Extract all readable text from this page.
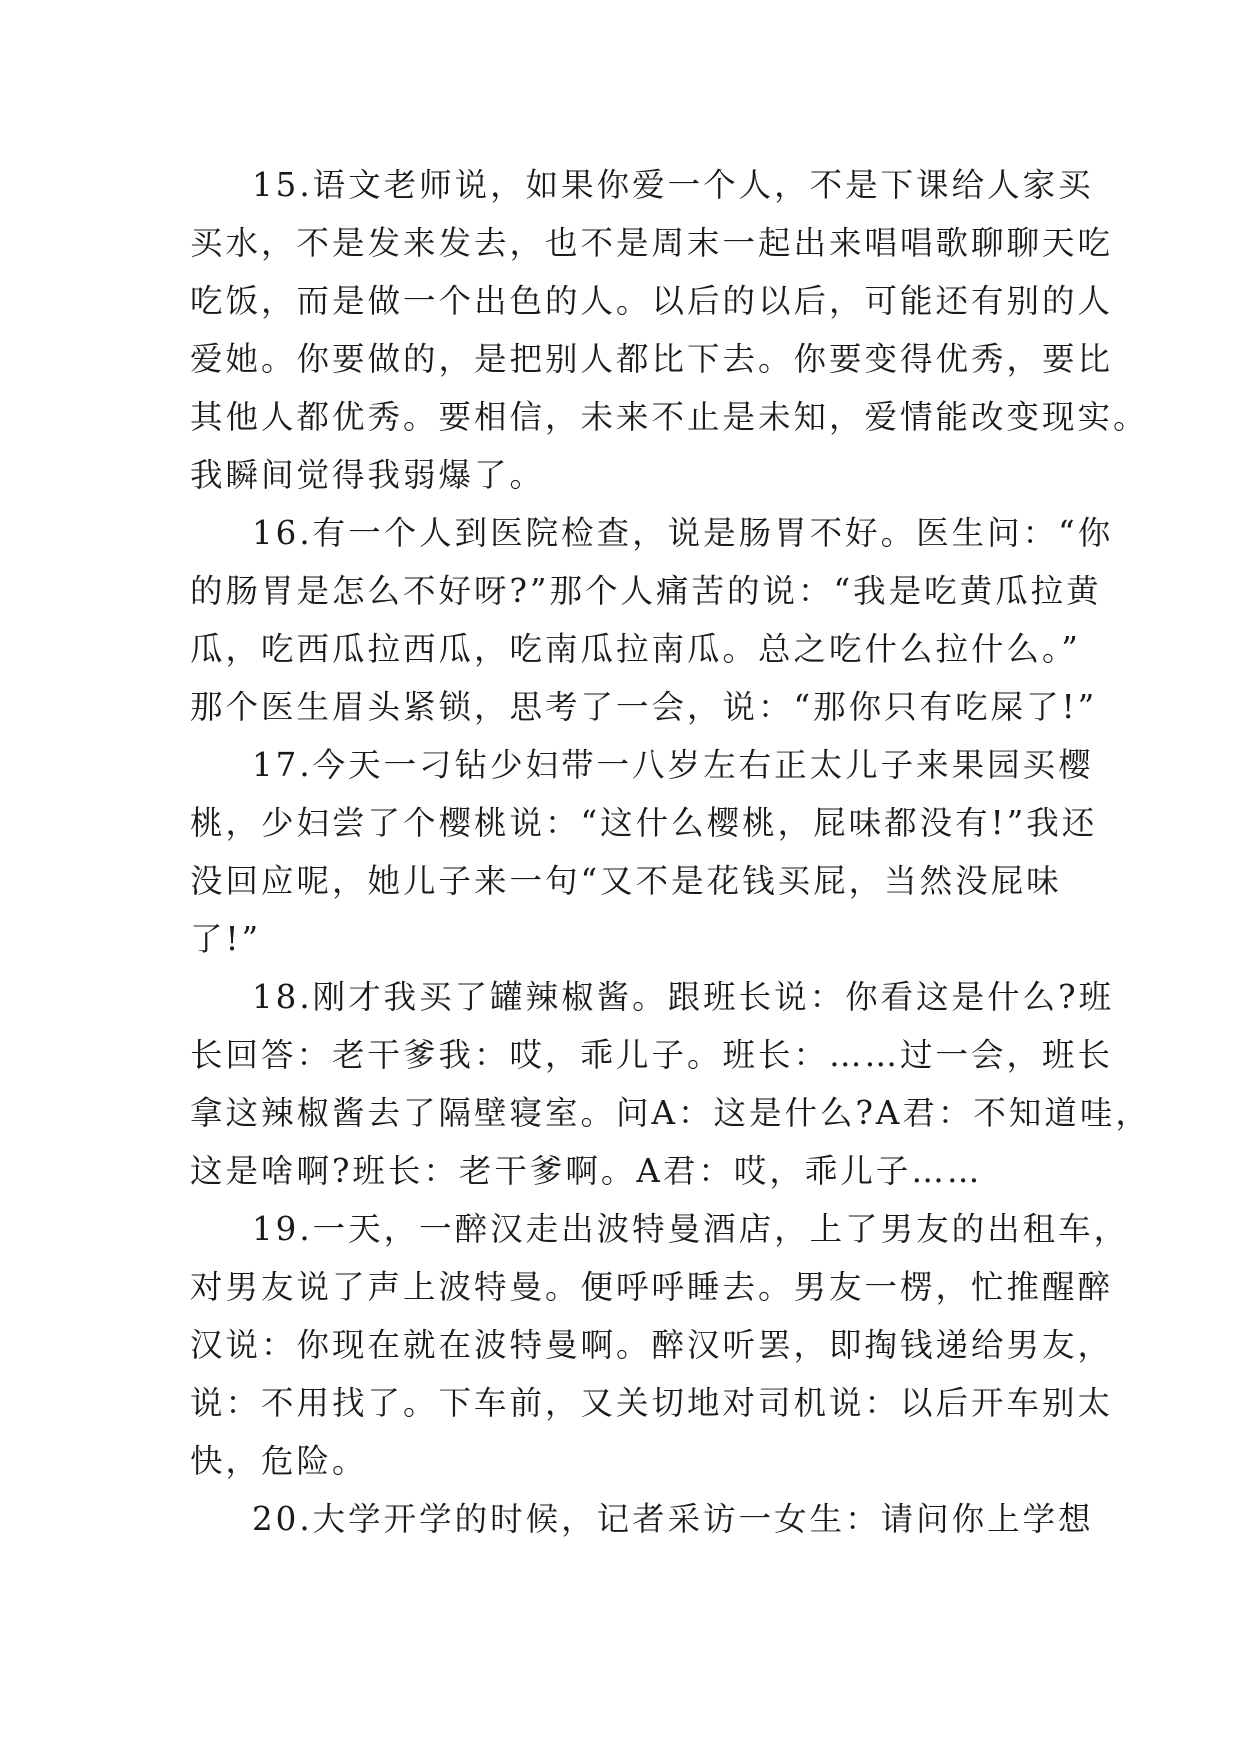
15.语文老师说，如果你爱一个人，不是下课给人家买
买水，不是发来发去，也不是周末一起出来唱唱歌聊聊天吃
吃饭，而是做一个出色的人。以后的以后，可能还有别的人
爱她。你要做的，是把别人都比下去。你要变得优秀，要比
其他人都优秀。要相信，未来不止是未知，爱情能改变现实。
我瞬间觉得我弱爆了。
16.有一个人到医院检查，说是肠胃不好。医生问：“你
的肠胃是怎么不好呀?”那个人痛苦的说：“我是吃黄瓜拉黄
瓜，吃西瓜拉西瓜，吃南瓜拉南瓜。总之吃什么拉什么。”
那个医生眉头紧锁，思考了一会，说：“那你只有吃屎了!”
17.今天一刁钻少妇带一八岁左右正太儿子来果园买樱
桃，少妇尝了个樱桃说：“这什么樱桃，屁味都没有!”我还
没回应呢，她儿子来一句“又不是花钱买屁，当然没屁味
了!”
18.刚才我买了罐辣椒酱。跟班长说：你看这是什么?班
长回答：老干爹我：哎，乖儿子。班长：……过一会，班长
拿这辣椒酱去了隔壁寝室。问A：这是什么?A君：不知道哇，
这是啥啊?班长：老干爹啊。A君：哎，乖儿子……
19.一天，一醉汉走出波特曼酒店，上了男友的出租车，
对男友说了声上波特曼。便呼呼睡去。男友一楞，忙推醒醉
汉说：你现在就在波特曼啊。醉汉听罢，即掏钱递给男友，
说：不用找了。下车前，又关切地对司机说：以后开车别太
快，危险。
20.大学开学的时候，记者采访一女生：请问你上学想
